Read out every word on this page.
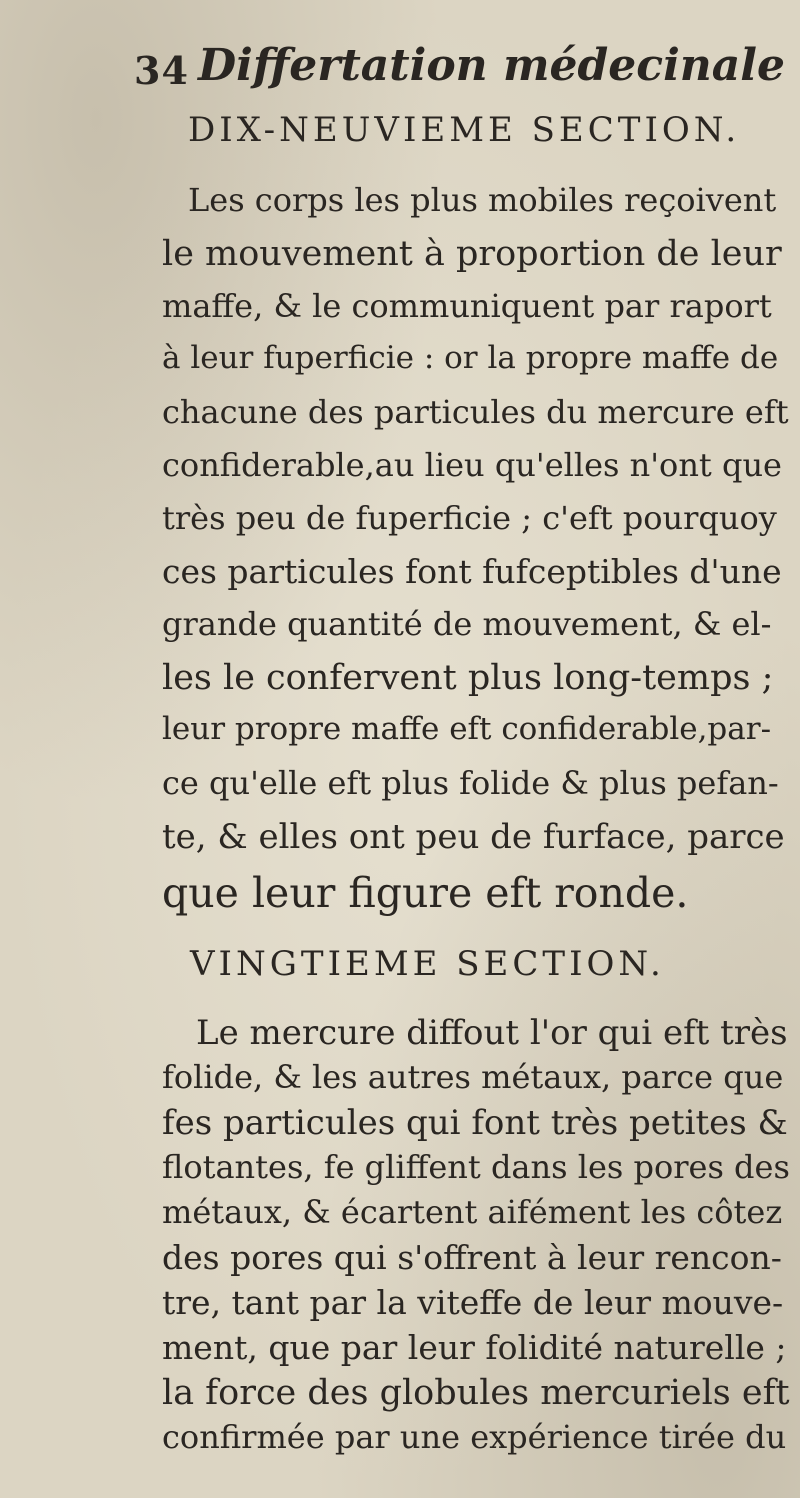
34 Differtation médecinale
DIX-NEUVIEME SECTION.
Les corps les plus mobiles reçoivent
le mouvement à proportion de leur
maffe, & le communiquent par raport
à leur fuperficie : or la propre maffe de
chacune des particules du mercure eft
confiderable,au lieu qu'elles n'ont que
très peu de fuperficie ; c'eft pourquoy
ces particules font fufceptibles d'une
grande quantité de mouvement, & el-
les le confervent plus long-temps ;
leur propre maffe eft confiderable,par-
ce qu'elle eft plus folide & plus pefan-
te, & elles ont peu de furface, parce
que leur figure eft ronde.
VINGTIEME SECTION.
Le mercure diffout l'or qui eft très
folide, & les autres métaux, parce que
fes particules qui font très petites &
flotantes, fe gliffent dans les pores des
métaux, & écartent aifément les côtez
des pores qui s'offrent à leur rencon-
tre, tant par la viteffe de leur mouve-
ment, que par leur folidité naturelle ;
la force des globules mercuriels eft
confirmée par une expérience tirée du
